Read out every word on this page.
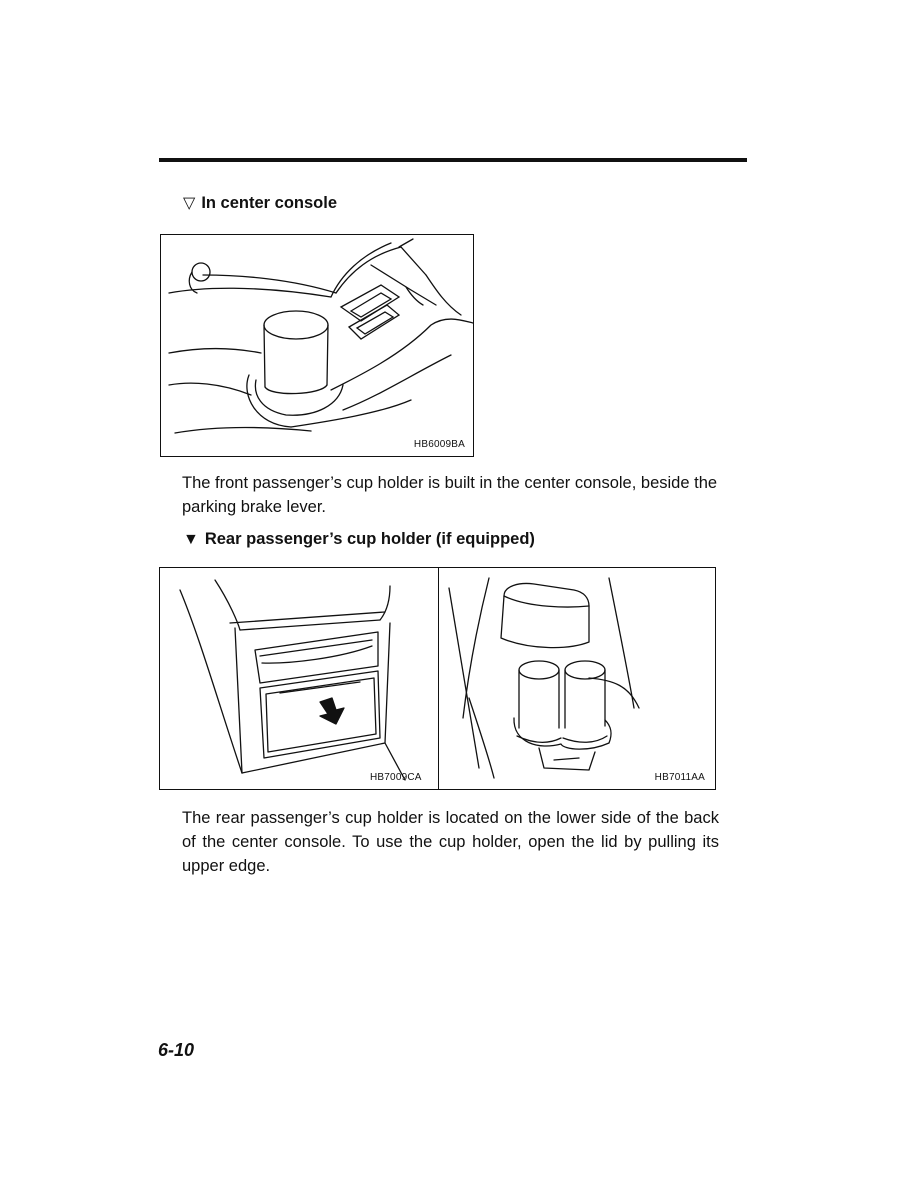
▽ In center console
HB6009BA
The front passenger’s cup holder is built in the center console, beside the parking brake lever.
▼ Rear passenger’s cup holder (if equipped)
HB7009CA	HB7011AA
The rear passenger’s cup holder is located on the lower side of the back of the center console. To use the cup holder, open the lid by pulling its upper edge.
6-10
